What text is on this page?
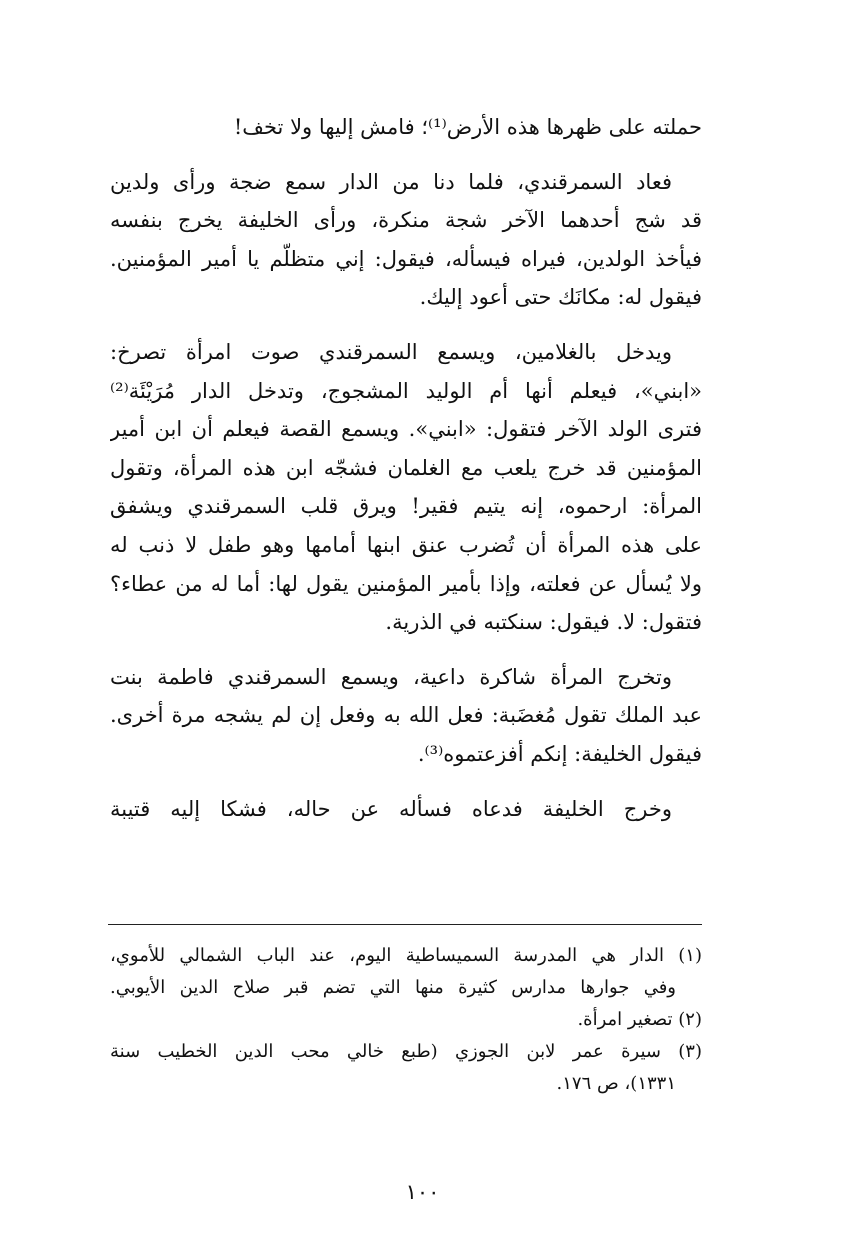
حملته على ظهرها هذه الأرض⁽¹⁾؛ فامش إليها ولا تخف!
فعاد السمرقندي، فلما دنا من الدار سمع ضجة ورأى ولدين
قد شج أحدهما الآخر شجة منكرة، ورأى الخليفة يخرج بنفسه
فيأخذ الولدين، فيراه فيسأله، فيقول: إني متظلّم يا أمير المؤمنين.
فيقول له: مكانَك حتى أعود إليك.
ويدخل بالغلامين، ويسمع السمرقندي صوت امرأة تصرخ:
«ابني»، فيعلم أنها أم الوليد المشجوج، وتدخل الدار مُرَيْئَة⁽²⁾
فترى الولد الآخر فتقول: «ابني». ويسمع القصة فيعلم أن ابن أمير
المؤمنين قد خرج يلعب مع الغلمان فشجّه ابن هذه المرأة، وتقول
المرأة: ارحموه، إنه يتيم فقير! ويرق قلب السمرقندي ويشفق
على هذه المرأة أن تُضرب عنق ابنها أمامها وهو طفل لا ذنب له
ولا يُسأل عن فعلته، وإذا بأمير المؤمنين يقول لها: أما له من عطاء؟
فتقول: لا. فيقول: سنكتبه في الذرية.
وتخرج المرأة شاكرة داعية، ويسمع السمرقندي فاطمة بنت
عبد الملك تقول مُغضَبة: فعل الله به وفعل إن لم يشجه مرة أخرى.
فيقول الخليفة: إنكم أفزعتموه⁽³⁾.
وخرج الخليفة فدعاه فسأله عن حاله، فشكا إليه قتيبة
(١) الدار هي المدرسة السميساطية اليوم، عند الباب الشمالي للأموي،
وفي جوارها مدارس كثيرة منها التي تضم قبر صلاح الدين الأيوبي.
(٢) تصغير امرأة.
(٣) سيرة عمر لابن الجوزي (طبع خالي محب الدين الخطيب سنة
١٣٣١)، ص ١٧٦.
١٠٠
